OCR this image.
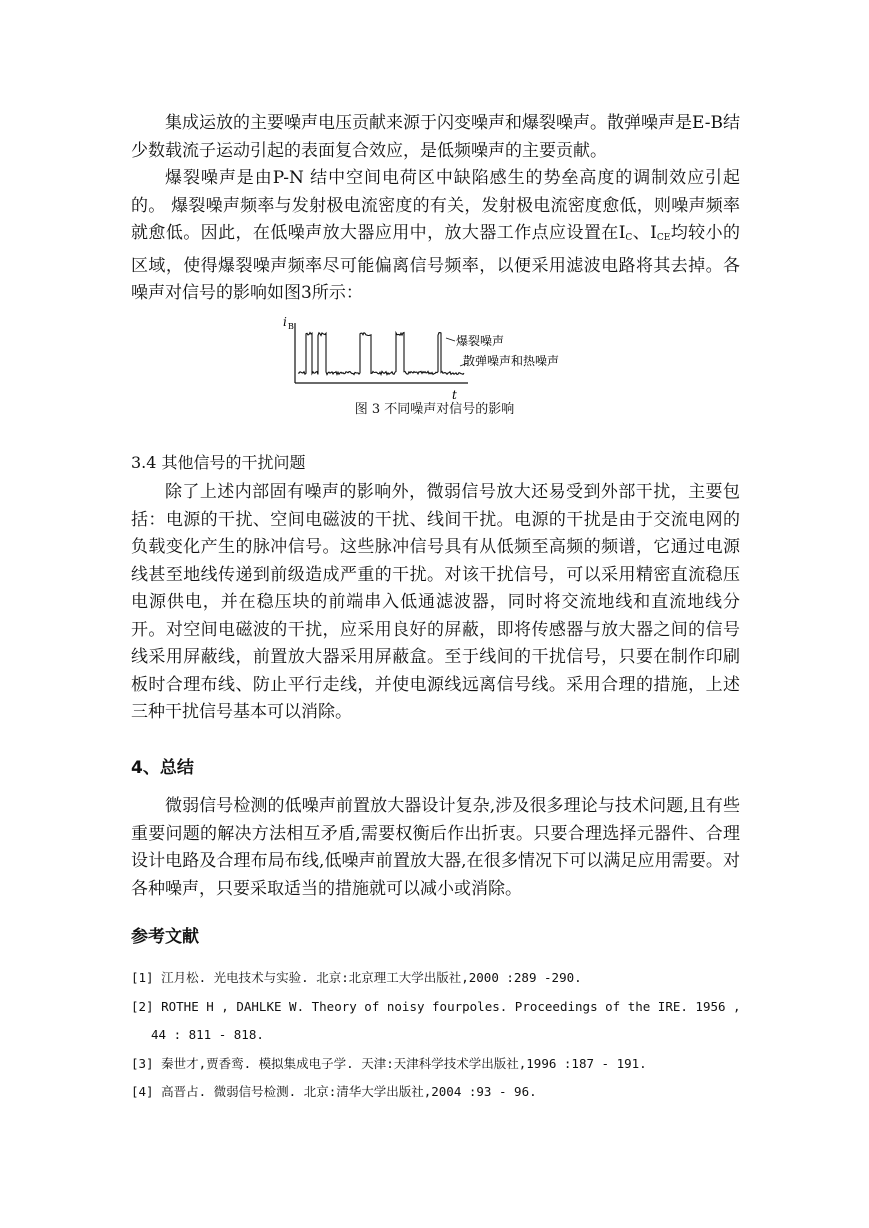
集成运放的主要噪声电压贡献来源于闪变噪声和爆裂噪声。散弹噪声是E-B结少数载流子运动引起的表面复合效应，是低频噪声的主要贡献。

爆裂噪声是由P-N 结中空间电荷区中缺陷感生的势垒高度的调制效应引起的。 爆裂噪声频率与发射极电流密度的有关，发射极电流密度愈低，则噪声频率就愈低。因此，在低噪声放大器应用中，放大器工作点应设置在$I_C$、$I_{CE}$均较小的区域，使得爆裂噪声频率尽可能偏离信号频率，以便采用滤波电路将其去掉。各噪声对信号的影响如图3所示：

i B
t
爆裂噪声
散弹噪声和热噪声
图 3 不同噪声对信号的影响
3.4 其他信号的干扰问题

除了上述内部固有噪声的影响外，微弱信号放大还易受到外部干扰，主要包括：电源的干扰、空间电磁波的干扰、线间干扰。电源的干扰是由于交流电网的负载变化产生的脉冲信号。这些脉冲信号具有从低频至高频的频谱，它通过电源线甚至地线传递到前级造成严重的干扰。对该干扰信号，可以采用精密直流稳压电源供电，并在稳压块的前端串入低通滤波器，同时将交流地线和直流地线分开。对空间电磁波的干扰，应采用良好的屏蔽，即将传感器与放大器之间的信号线采用屏蔽线，前置放大器采用屏蔽盒。至于线间的干扰信号，只要在制作印刷板时合理布线、防止平行走线，并使电源线远离信号线。采用合理的措施，上述三种干扰信号基本可以消除。

4、总结

微弱信号检测的低噪声前置放大器设计复杂,涉及很多理论与技术问题,且有些重要问题的解决方法相互矛盾,需要权衡后作出折衷。只要合理选择元器件、合理设计电路及合理布局布线,低噪声前置放大器,在很多情况下可以满足应用需要。对各种噪声，只要采取适当的措施就可以减小或消除。

参考文献

[1] 江月松. 光电技术与实验. 北京:北京理工大学出版社,2000 :289 -290.

[2] ROTHE H , DAHLKE W. Theory of noisy fourpoles. Proceedings of the IRE. 1956 , 44 : 811 - 818.

[3] 秦世才,贾香鸾. 模拟集成电子学. 天津:天津科学技术学出版社,1996 :187 - 191.

[4] 高晋占. 微弱信号检测. 北京:清华大学出版社,2004 :93 - 96.
